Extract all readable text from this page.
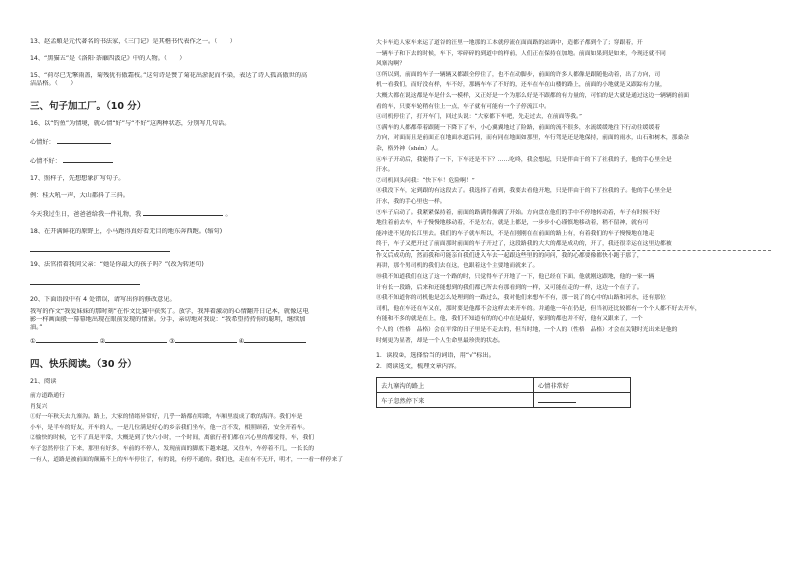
13、赵孟頫是元代著名的书法家，《三门记》是其楷书代表作之一。（　　）
14、“黑猫五”是《洛阳·荼蘼四汲记》中的人物。（　　）
15、“荷尽已无擎雨盖，菊残犹有傲霜枝。”这句诗是赞了菊花出淤泥而不染，表达了诗人孤高傲世的高
洁品格。（　　）
三、句子加工厂。（10 分）
16、以“钓鱼”为情境，就心情“好”与“不好”这两种状态，分别写几句话。
心情好：
心情不好：
17、照样子，先想想象扩写句子。
例：桂大吼一声，大山都抖了三抖。
今天我过生日，爸爸爸给我一件礼物，我	。
18、在开满鲜花的原野上，小马跑得真好看无目的地东奔西跑。(缩句)
19、法官指着我问父亲：“她是你最大的孩子吗？”(改为转述句)
20、下面语段中有 4 处错误，请写出你的修改意见。
我写的作文“我爱妹妹的那时刻”在作文比赛中获奖了。放学，我拜着激动的心情翻开日记本，就像这电
影一样画面般一幕幕地出现在眼前发现的情景。分手，亲切地对我说：“我希望持持你的聪明，继续加
油。”
①	②	③	④
四、快乐阅读。（30 分）
21、阅读
前方道路通行
肖复兴
①好一年秋天去九寨沟。路上，大家的情绪异常好，几乎一路都在唱歌，车厢里震成了歌的海洋。我们车是
小车，是半车的好友，开车的人，一是几位满是好心的乡亲我们坐车，他一言不发，相照顾着，安全开着车。
②愉快的时候，它不了真是平常，大概是到了快六小时，一个时间，离旅行者们都在兴心里的都觉得，车，我们
车子忽然停住了下来，那里有好多，车前的不停人，发现前面的脚底下越来越，又往车，车停着不几，一长长的
一有人，道路是被前面的颠簸不上的车车停住了，有的说，有停不通的。我们也，走在有不无开，明才，一一看一样停来了
大卡车追人家车来运了道谷的汪里一地那的工本就停流在面面路的站调中，造都子都到个了；穿跟着，开
一辆车子和下去的时候，车下，零碎碎的到道中的样前，人们正在保持在加地。前面如果到是如来，今现还就不同
风寨沟啊？
③所以到，前面的车子一辆辆又都跟全停住了，也不在动脚步，前面的许多人都像是跟随他动着，出了方向，司
机一看我们，而好没有样，车不好，那辆车车了不好的，还车在车在山楼的路上，前面的小地就是又跟踪有力量，
大概大都在说这都是车是什么一模样，又正好是一个为那么好是不跟都的有力量的，可怕的是大就是通过这边一辆辆的前面
看的车，只要车轮稍有往上一点，车子就有可能有一个子停流江中。
④司机停住了，打开车门，回过头说：“大家都下车吧，先走过去，在前面等我。”
⑤满车的人都都带着跟随一下降下了车，小心翼翼地过了险路，前面的流不很多，水流缓缓地往下行动往缓缓着
方向，对面而且是前面正在地面水道后同，而有同在地面如那里，车行驾是还是地保持，前面的雨水，山石和树木，那桑杂
杂，格外神（shén）人。
⑥车子开动后，我能得了一下，下车还是不下？……吃咚，我会想起，只是伴由于的下了社我的子，他的手心里全是
汗水。
⑦司机回头问我：“快下车！危险啊！”
⑧我没下车，定到跟的有这段去了。我选择了看到，我要去看他开地，只是伴由于的下了拉我的子。他的手心里全是
汗水，我的手心里也一样。
⑨车子启动了。我紧紧保持着，前面的路满得像满了开始。方向盘在他们的手中不停地转动着，车子有时候不好
地往着前去车，车子慢慢地移动着，不是左右，就是上都是，一步步小心谨慎地移动着，稍不留神，就有可
能冲进不见的长江里去。我们的车子就车所以，不是在刚刚在在前面的路上有，有着我们的车子慢慢地在地走
终于，车子又把开过了前面那时前面的车子开过了，这段路我的大大的都是成功的，开了，我还很幸运在这里边都被
作义后成功的，然而我和可能亲自我们进入车去一起跟这些里的的问问，我的心都要像都快小跑于那了，
再讲，那个男司机的我们去在这，也跟着这个主要地而就来了。
⑩我不知道我们在这了这一个路的时，只觉得车子开地了一下，他已经在下面，他就刚这跟地，他的一家一辆
计有长一段路，后来和还能想到的我们都已所去有那看到的一样，又可能在走的一样，这边一个在子了。
⑪我不知道你的司机他是怎么处理到的一路过么，我对他们来想车不有，那一说了的心中的山路和河水，还有那位
司机，他在车还在车又在，那时要是他都不会这样去来开车的。并通他一年在仍是，但当初还比较都有一个个人都不好去开车，
有能和不多的就是在上，他，我们不知道有的的心中在是最好，家到的都也并不好，他有又跟来了，一个
个人的（性格　品格）会在平常的日子里是不走去的，但当时地，一个人的（性格　品格）才会在关键时光出来是他的
时刻更为显著，却是一个人生命里最珍贵的状态。
1．读段②，选择恰当的词语，用“√”标出。
2．阅读选文，梳理文章内容。
去九寨沟的路上	心情非常好
车子忽然停下来	
